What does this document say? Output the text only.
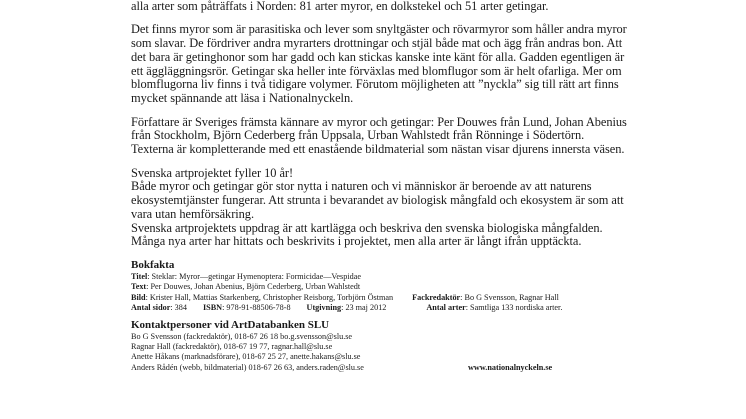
alla arter som påträffats i Norden: 81 arter myror, en dolkstekel och 51 arter getingar.
Det finns myror som är parasitiska och lever som snyltgäster och rövarmyror som håller andra myror
som slavar. De fördriver andra myrarters drottningar och stjäl både mat och ägg från andras bon. Att
det bara är getinghonor som har gadd och kan stickas kanske inte känt för alla. Gadden egentligen är
ett äggläggningsrör. Getingar ska heller inte förväxlas med blomflugor som är helt ofarliga. Mer om
blomflugorna liv finns i två tidigare volymer. Förutom möjligheten att ”nyckla” sig till rätt art finns
mycket spännande att läsa i Nationalnyckeln.
Författare är Sveriges främsta kännare av myror och getingar: Per Douwes från Lund, Johan Abenius
från Stockholm, Björn Cederberg från Uppsala, Urban Wahlstedt från Rönninge i Södertörn.
Texterna är kompletterande med ett enastående bildmaterial som nästan visar djurens innersta väsen.
Svenska artprojektet fyller 10 år!
Både myror och getingar gör stor nytta i naturen och vi människor är beroende av att naturens
ekosystemtjänster fungerar. Att strunta i bevarandet av biologisk mångfald och ekosystem är som att
vara utan hemförsäkring.
Svenska artprojektets uppdrag är att kartlägga och beskriva den svenska biologiska mångfalden.
Många nya arter har hittats och beskrivits i projektet, men alla arter är långt ifrån upptäckta.
Bokfakta
Titel: Steklar: Myror—getingar Hymenoptera: Formicidae—Vespidae
Text: Per Douwes, Johan Abenius, Björn Cederberg, Urban Wahlstedt
Bild: Krister Hall, Mattias Starkenberg, Christopher Reisborg, Torbjörn Östman Fackredaktör: Bo G Svensson, Ragnar Hall
Antal sidor: 384 ISBN: 978-91-88506-78-8 Utgivning: 23 maj 2012	Antal arter: Samtliga 133 nordiska arter.
Kontaktpersoner vid ArtDatabanken SLU
Bo G Svensson (fackredaktör), 018-67 26 18 bo.g.svensson@slu.se
Ragnar Hall (fackredaktör), 018-67 19 77, ragnar.hall@slu.se
Anette Håkans (marknadsförare), 018-67 25 27, anette.hakans@slu.se
Anders Rådén (webb, bildmaterial) 018-67 26 63, anders.raden@slu.se	www.nationalnyckeln.se
